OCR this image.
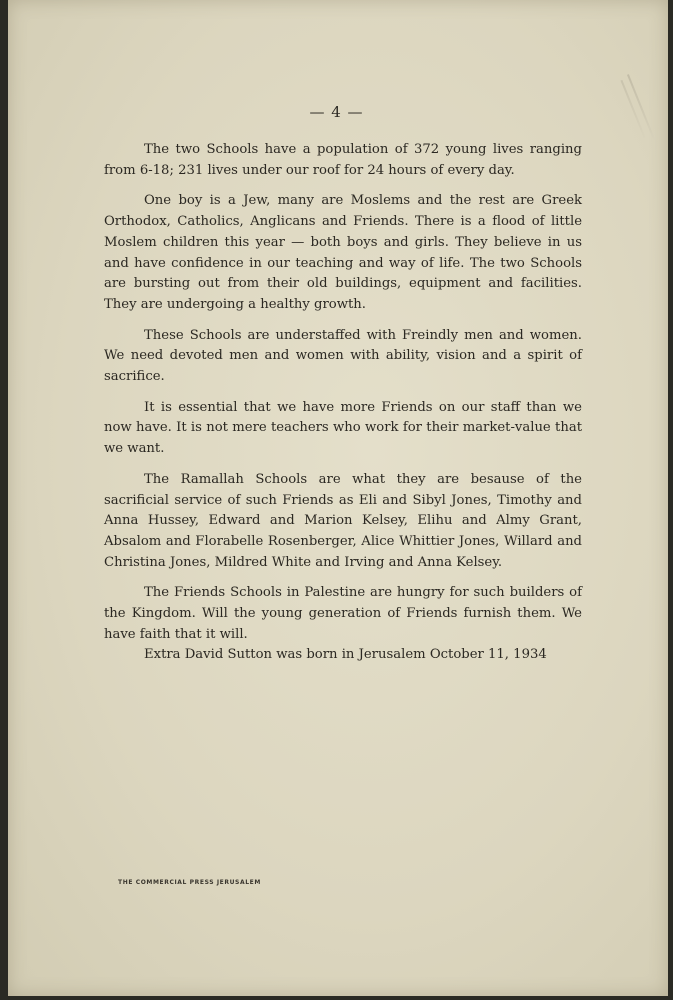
— 4 —

The two Schools have a population of 372 young lives ranging from 6-18; 231 lives under our roof for 24 hours of every day.

One boy is a Jew, many are Moslems and the rest are Greek Orthodox, Catholics, Anglicans and Friends. There is a flood of little Moslem children this year — both boys and girls. They believe in us and have confidence in our teaching and way of life. The two Schools are bursting out from their old buildings, equipment and facilities. They are undergoing a healthy growth.

These Schools are understaffed with Freindly men and women. We need devoted men and women with ability, vision and a spirit of sacrifice.

It is essential that we have more Friends on our staff than we now have. It is not mere teachers who work for their market-value that we want.

The Ramallah Schools are what they are besause of the sacrificial service of such Friends as Eli and Sibyl Jones, Timothy and Anna Hussey, Edward and Marion Kelsey, Elihu and Almy Grant, Absalom and Florabelle Rosenberger, Alice Whittier Jones, Willard and Christina Jones, Mildred White and Irving and Anna Kelsey.

The Friends Schools in Palestine are hungry for such builders of the Kingdom. Will the young generation of Friends furnish them. We have faith that it will.

Extra David Sutton was born in Jerusalem October 11, 1934

THE COMMERCIAL PRESS JERUSALEM
